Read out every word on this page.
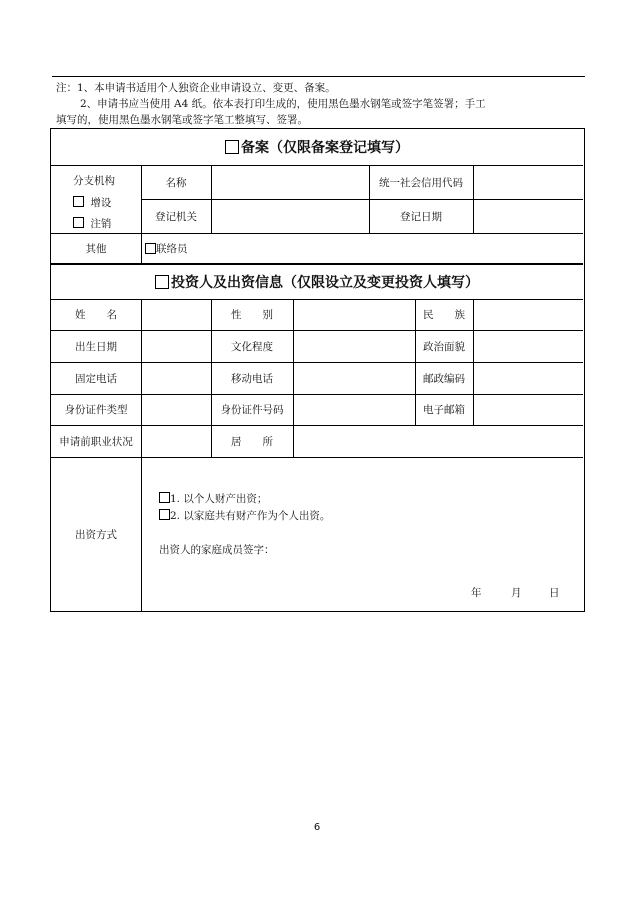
注：1、本申请书适用个人独资企业申请设立、变更、备案。
2、申请书应当使用 A4 纸。依本表打印生成的，使用黑色墨水钢笔或签字笔签署；手工
填写的，使用黑色墨水钢笔或签字笔工整填写、签署。
备案（仅限备案登记填写）
分支机构
增设
注销
名称	统一社会信用代码
登记机关	登记日期
其他	联络员
投资人及出资信息（仅限设立及变更投资人填写）
姓　　名	性　　别	民　　族
出生日期	文化程度	政治面貌
固定电话	移动电话	邮政编码
身份证件类型	身份证件号码	电子邮箱
申请前职业状况	居　　所
出资方式
1. 以个人财产出资；
2. 以家庭共有财产作为个人出资。
出资人的家庭成员签字：
年	月	日
6
